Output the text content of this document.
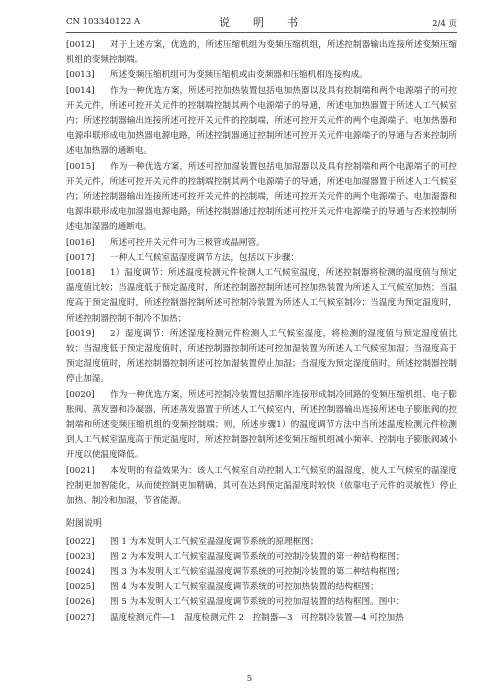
CN 103340122 A	说　明　书	2/4 页

[0012] 对于上述方案，优选的，所述压缩机组为变频压缩机组，所述控制器输出连接所述变频压缩机组的变频控制端。

[0013] 所述变频压缩机组可为变频压缩机或由变频器和压缩机相连接构成。

[0014] 作为一种优选方案，所述可控加热装置包括电加热器以及具有控制端和两个电源端子的可控开关元件，所述可控开关元件的控制端控制其两个电源端子的导通，所述电加热器置于所述人工气候室内；所述控制器输出连接所述可控开关元件的控制端，所述可控开关元件的两个电源端子、电加热器和电源串联形成电加热器电源电路，所述控制器通过控制所述可控开关元件电源端子的导通与否来控制所述电加热器的通断电。

[0015] 作为一种优选方案，所述可控加湿装置包括电加湿器以及具有控制端和两个电源端子的可控开关元件，所述可控开关元件的控制端控制其两个电源端子的导通，所述电加湿器置于所述人工气候室内；所述控制器输出连接所述可控开关元件的控制端，所述可控开关元件的两个电源端子、电加湿器和电源串联形成电加湿器电源电路，所述控制器通过控制所述可控开关元件电源端子的导通与否来控制所述电加湿器的通断电。

[0016] 所述可控开关元件可为三极管或晶闸管。

[0017] 一种人工气候室温湿度调节方法，包括以下步骤：

[0018] 1）温度调节：所述温度检测元件检测人工气候室温度，所述控制器将检测的温度值与预定温度值比较；当温度低于预定温度时，所述控制器控制所述可控加热装置为所述人工气候室加热；当温度高于预定温度时，所述控制器控制所述可控制冷装置为所述人工气候室制冷；当温度为预定温度时，所述控制器控制不制冷不加热；

[0019] 2）湿度调节：所述湿度检测元件检测人工气候室湿度，将检测的湿度值与预定湿度值比较；当湿度低于预定湿度值时，所述控制器控制所述可控加湿装置为所述人工气候室加湿；当湿度高于预定湿度值时，所述控制器控制所述可控加湿装置停止加湿；当湿度为预定湿度值时，所述控制器控制停止加湿。

[0020] 作为一种优选方案，所述可控制冷装置包括顺序连接形成制冷回路的变频压缩机组、电子膨胀阀、蒸发器和冷凝器，所述蒸发器置于所述人工气候室内，所述控制器输出连接所述电子膨胀阀的控制端和所述变频压缩机组的变频控制端；则，所述步骤1）的温度调节方法中当所述温度检测元件检测到人工气候室温度高于预定温度时，所述控制器控制所述变频压缩机组减小频率、控制电子膨胀阀减小开度以使温度降低。

[0021] 本发明的有益效果为：该人工气候室自动控制人工气候室的温湿度，使人工气候室的温湿度控制更加智能化，从而使控制更加精确，其可在达到预定温湿度时较快（依靠电子元件的灵敏性）停止加热、制冷和加湿，节省能源。

附图说明

[0022] 图 1 为本发明人工气候室温湿度调节系统的原理框图；

[0023] 图 2 为本发明人工气候室温湿度调节系统的可控制冷装置的第一种结构框图；

[0024] 图 3 为本发明人工气候室温湿度调节系统的可控制冷装置的第二种结构框图；

[0025] 图 4 为本发明人工气候室温湿度调节系统的可控加热装置的结构框图；

[0026] 图 5 为本发明人工气候室温湿度调节系统的可控加湿装置的结构框图。图中：

[0027] 温度检测元件—1　湿度检测元件 2　控制器—3　可控制冷装置—4 可控加热

5
